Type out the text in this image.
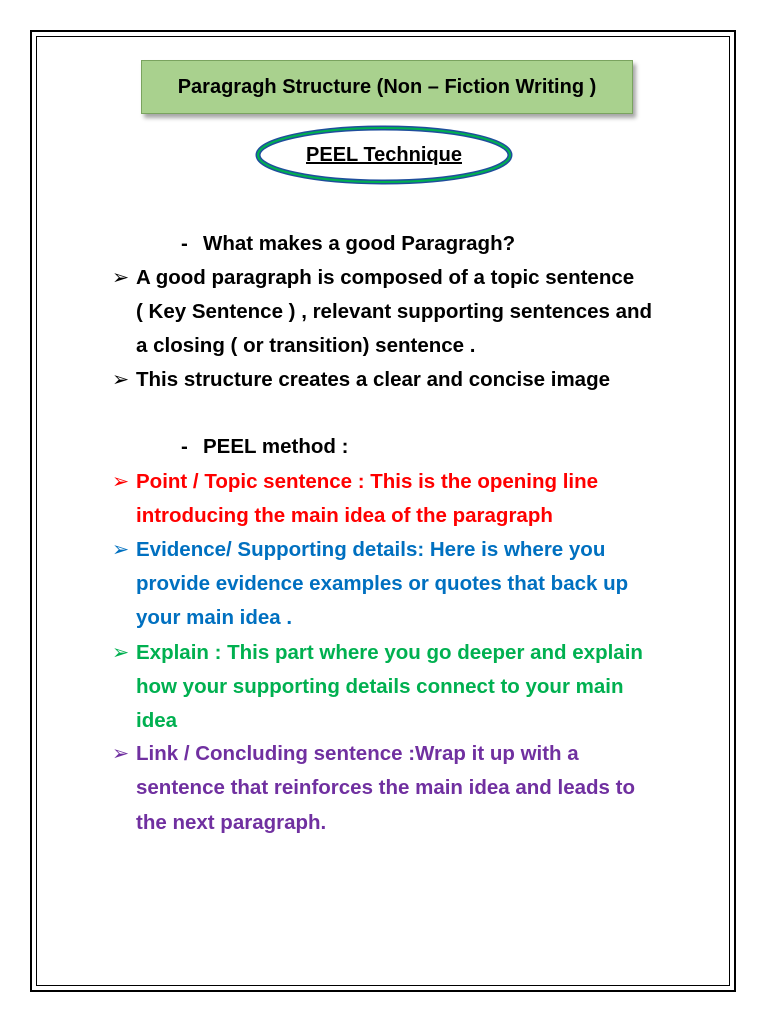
Paragragh Structure (Non – Fiction Writing )
PEEL Technique
- What makes a good Paragragh?
➢ A good paragraph is composed of a topic sentence
( Key Sentence ) , relevant supporting sentences and
a closing ( or transition) sentence .
➢ This structure creates a clear and concise image
- PEEL method :
➢ Point / Topic sentence : This is the opening line
introducing the main idea of the paragraph
➢ Evidence/ Supporting details: Here is where you
provide evidence examples or quotes that back up
your main idea .
➢ Explain : This part where you go deeper and explain
how your supporting details connect to your main
idea
➢ Link / Concluding sentence :Wrap it up with a
sentence that reinforces the main idea and leads to
the next paragraph.
